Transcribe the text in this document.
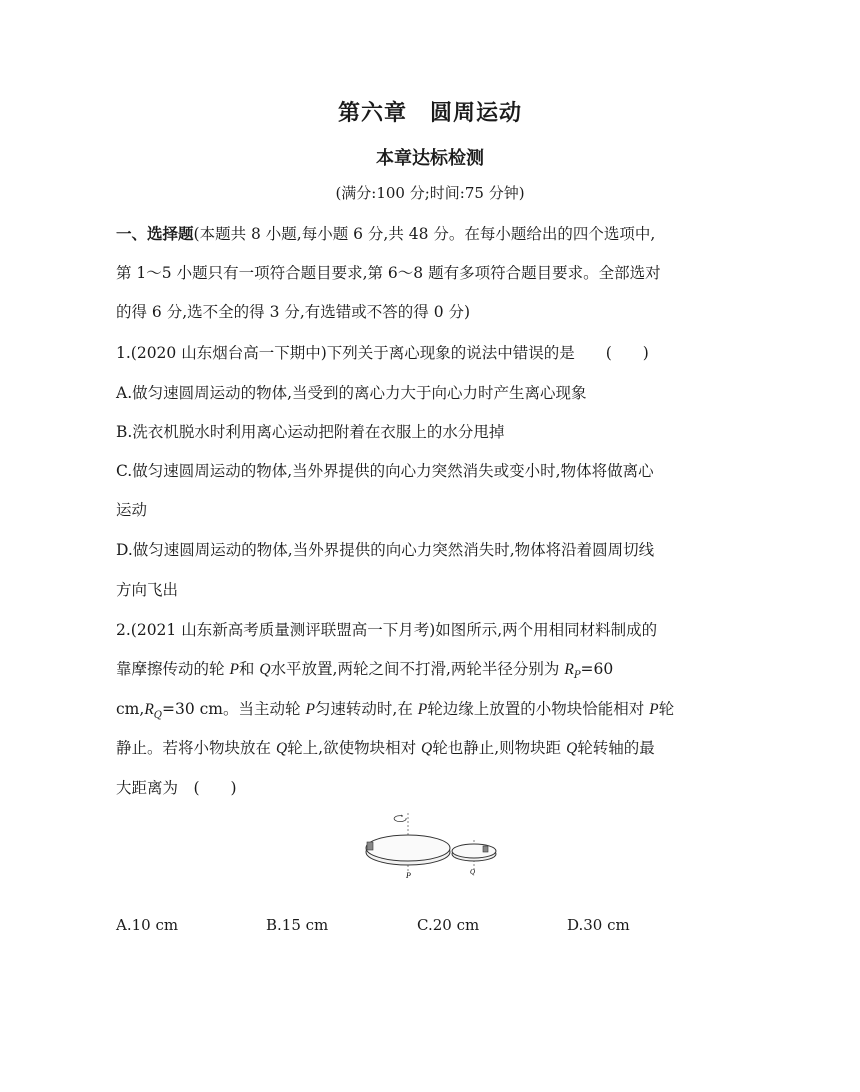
第六章　圆周运动
本章达标检测
(满分:100 分;时间:75 分钟)
一、选择题(本题共 8 小题,每小题 6 分,共 48 分。在每小题给出的四个选项中,
第 1～5 小题只有一项符合题目要求,第 6～8 题有多项符合题目要求。全部选对
的得 6 分,选不全的得 3 分,有选错或不答的得 0 分)
1.(2020 山东烟台高一下期中)下列关于离心现象的说法中错误的是　　(　　)
A.做匀速圆周运动的物体,当受到的离心力大于向心力时产生离心现象
B.洗衣机脱水时利用离心运动把附着在衣服上的水分甩掉
C.做匀速圆周运动的物体,当外界提供的向心力突然消失或变小时,物体将做离心
运动
D.做匀速圆周运动的物体,当外界提供的向心力突然消失时,物体将沿着圆周切线
方向飞出
2.(2021 山东新高考质量测评联盟高一下月考)如图所示,两个用相同材料制成的
靠摩擦传动的轮 P和 Q水平放置,两轮之间不打滑,两轮半径分别为 $R_P=60$
$cm,R_Q=30$ cm。当主动轮 P匀速转动时,在 P轮边缘上放置的小物块恰能相对 P轮
静止。若将小物块放在 Q轮上,欲使物块相对 Q轮也静止,则物块距 Q轮转轴的最
大距离为　(　　)
P	Q
A.10 cm	B.15 cm	C.20 cm	D.30 cm
